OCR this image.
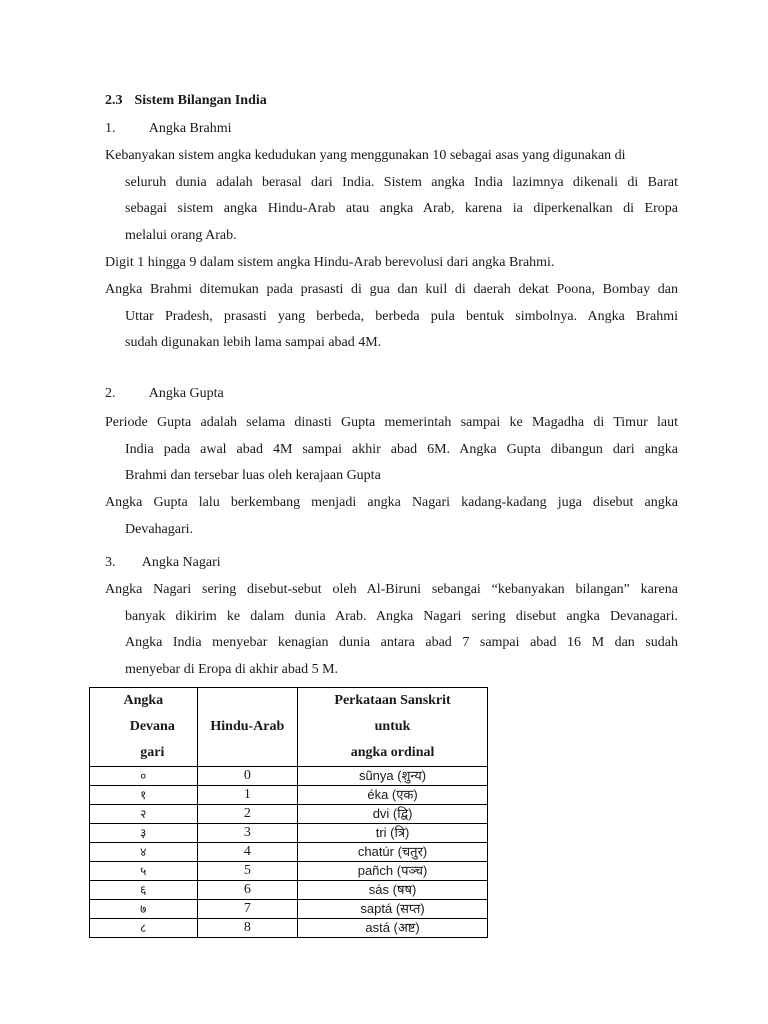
2.3 Sistem Bilangan India
1. Angka Brahmi
Kebanyakan sistem angka kedudukan yang menggunakan 10 sebagai asas yang digunakan di
seluruh dunia adalah berasal dari India. Sistem angka India lazimnya dikenali di Barat
sebagai sistem angka Hindu-Arab atau angka Arab, karena ia diperkenalkan di Eropa
melalui orang Arab.
Digit 1 hingga 9 dalam sistem angka Hindu-Arab berevolusi dari angka Brahmi.
Angka Brahmi ditemukan pada prasasti di gua dan kuil di daerah dekat Poona, Bombay dan
Uttar Pradesh, prasasti yang berbeda, berbeda pula bentuk simbolnya. Angka Brahmi
sudah digunakan lebih lama sampai abad 4M.
2. Angka Gupta
Periode Gupta adalah selama dinasti Gupta memerintah sampai ke Magadha di Timur laut
India pada awal abad 4M sampai akhir abad 6M. Angka Gupta dibangun dari angka
Brahmi dan tersebar luas oleh kerajaan Gupta
Angka Gupta lalu berkembang menjadi angka Nagari kadang-kadang juga disebut angka
Devahagari.
3. Angka Nagari
Angka Nagari sering disebut-sebut oleh Al-Biruni sebangai “kebanyakan bilangan” karena
banyak dikirim ke dalam dunia Arab. Angka Nagari sering disebut angka Devanagari.
Angka India menyebar kenagian dunia antara abad 7 sampai abad 16 M dan sudah
menyebar di Eropa di akhir abad 5 M.
Angka
Devana
gari	Hindu-Arab	Perkataan Sanskrit
untuk
angka ordinal

०	0	sũnya (शुन्य)
१	1	éka (एक)
२	2	dvi (द्वि)
३	3	tri (त्रि)
४	4	chatúr (चतुर)
५	5	pañch (पञ्च)
६	6	sás (षष)
७	7	saptá (सप्त)
८	8	astá (अष्ट)
